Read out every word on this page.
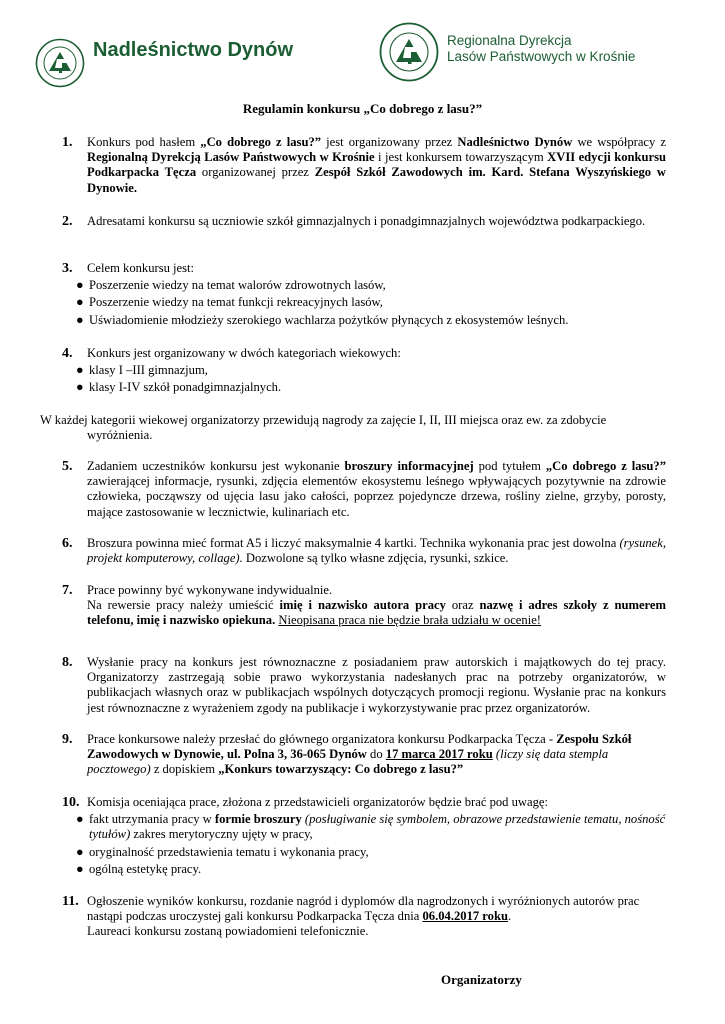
Nadleśnictwo Dynów	Regionalna Dyrekcja
Lasów Państwowych w Krośnie
Regulamin konkursu „Co dobrego z lasu?”
1. Konkurs pod hasłem „Co dobrego z lasu?” jest organizowany przez Nadleśnictwo Dynów we współpracy z Regionalną Dyrekcją Lasów Państwowych w Krośnie i jest konkursem towarzyszącym XVII edycji konkursu Podkarpacka Tęcza organizowanej przez Zespół Szkół Zawodowych im. Kard. Stefana Wyszyńskiego w Dynowie.
2. Adresatami konkursu są uczniowie szkół gimnazjalnych i ponadgimnazjalnych województwa podkarpackiego.
3. Celem konkursu jest:
● Poszerzenie wiedzy na temat walorów zdrowotnych lasów,
● Poszerzenie wiedzy na temat funkcji rekreacyjnych lasów,
● Uświadomienie młodzieży szerokiego wachlarza pożytków płynących z ekosystemów leśnych.
4. Konkurs jest organizowany w dwóch kategoriach wiekowych:
● klasy I –III gimnazjum,
● klasy I-IV szkół ponadgimnazjalnych.
W każdej kategorii wiekowej organizatorzy przewidują nagrody za zajęcie I, II, III miejsca oraz ew. za zdobycie
wyróżnienia.
5. Zadaniem uczestników konkursu jest wykonanie broszury informacyjnej pod tytułem „Co dobrego z lasu?” zawierającej informacje, rysunki, zdjęcia elementów ekosystemu leśnego wpływających pozytywnie na zdrowie człowieka, począwszy od ujęcia lasu jako całości, poprzez pojedyncze drzewa, rośliny zielne, grzyby, porosty, mające zastosowanie w lecznictwie, kulinariach etc.
6. Broszura powinna mieć format A5 i liczyć maksymalnie 4 kartki. Technika wykonania prac jest dowolna (rysunek, projekt komputerowy, collage). Dozwolone są tylko własne zdjęcia, rysunki, szkice.
7. Prace powinny być wykonywane indywidualnie.
Na rewersie pracy należy umieścić imię i nazwisko autora pracy oraz nazwę i adres szkoły z numerem telefonu, imię i nazwisko opiekuna. Nieopisana praca nie będzie brała udziału w ocenie!
8. Wysłanie pracy na konkurs jest równoznaczne z posiadaniem praw autorskich i majątkowych do tej pracy. Organizatorzy zastrzegają sobie prawo wykorzystania nadesłanych prac na potrzeby organizatorów, w publikacjach własnych oraz w publikacjach wspólnych dotyczących promocji regionu. Wysłanie prac na konkurs jest równoznaczne z wyrażeniem zgody na publikacje i wykorzystywanie prac przez organizatorów.
9. Prace konkursowe należy przesłać do głównego organizatora konkursu Podkarpacka Tęcza - Zespołu Szkół Zawodowych w Dynowie, ul. Polna 3, 36-065 Dynów do 17 marca 2017 roku (liczy się data stempla pocztowego) z dopiskiem „Konkurs towarzyszący: Co dobrego z lasu?”
10. Komisja oceniająca prace, złożona z przedstawicieli organizatorów będzie brać pod uwagę:
● fakt utrzymania pracy w formie broszury (posługiwanie się symbolem, obrazowe przedstawienie tematu, nośność tytułów) zakres merytoryczny ujęty w pracy,
● oryginalność przedstawienia tematu i wykonania pracy,
● ogólną estetykę pracy.
11. Ogłoszenie wyników konkursu, rozdanie nagród i dyplomów dla nagrodzonych i wyróżnionych autorów prac nastąpi podczas uroczystej gali konkursu Podkarpacka Tęcza dnia 06.04.2017 roku.
Laureaci konkursu zostaną powiadomieni telefonicznie.
Organizatorzy
